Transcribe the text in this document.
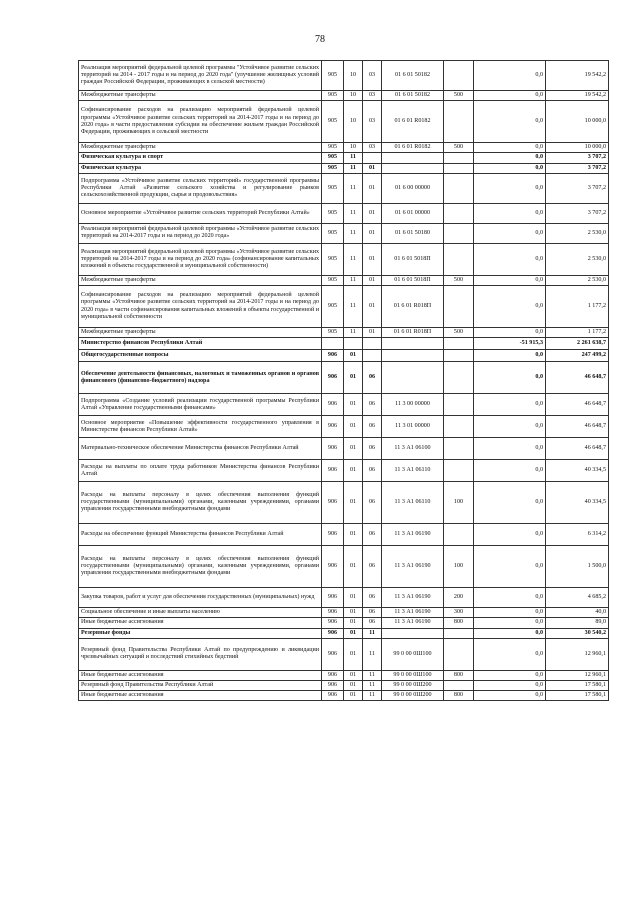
78
Реализация мероприятий федеральной целевой программы "Устойчивое развитие сельских территорий на 2014 - 2017 годы и на период до 2020 года" (улучшение жилищных условий граждан Российской Федерации, проживающих в сельской местности)	905	10	03	01 6 01 50182		0,0	19 542,2
Межбюджетные трансферты	905	10	03	01 6 01 50182	500	0,0	19 542,2
Софинансирование расходов на реализацию мероприятий федеральной целевой программы «Устойчивое развитие сельских территорий на 2014-2017 годы и на период до 2020 года» в части предоставления субсидии на обеспечение жильем граждан Российской Федерации, проживающих в сельской местности	905	10	03	01 6 01 R0182		0,0	10 000,0
Межбюджетные трансферты	905	10	03	01 6 01 R0182	500	0,0	10 000,0
Физическая культура и спорт	905	11				0,0	3 707,2
Физическая культура	905	11	01			0,0	3 707,2
Подпрограмма «Устойчивое развитие сельских территорий» государственной программы Республики Алтай «Развитие сельского хозяйства и регулирование рынков сельскохозяйственной продукции, сырья и продовольствия»	905	11	01	01 6 00 00000		0,0	3 707,2
Основное мероприятие «Устойчивое развитие сельских территорий Республики Алтай»	905	11	01	01 6 01 00000		0,0	3 707,2
Реализация мероприятий федеральной целевой программы «Устойчивое развитие сельских территорий на 2014-2017 годы и на период до 2020 года»	905	11	01	01 6 01 50180		0,0	2 530,0
Реализация мероприятий федеральной целевой программы «Устойчивое развитие сельских территорий на 2014-2017 годы и на период до 2020 года» (софинансирование капитальных вложений в объекты государственной и муниципальной собственности)	905	11	01	01 6 01 5018П		0,0	2 530,0
Межбюджетные трансферты	905	11	01	01 6 01 5018П	500	0,0	2 530,0
Софинансирование расходов на реализацию мероприятий федеральной целевой программы «Устойчивое развитие сельских территорий на 2014-2017 годы и на период до 2020 года» в части софинансирования капитальных вложений в объекты государственной и муниципальной собственности	905	11	01	01 6 01 R018П		0,0	1 177,2
Межбюджетные трансферты	905	11	01	01 6 01 R018П	500	0,0	1 177,2
Министерство финансов Республики Алтай						-51 915,3	2 261 638,7
Общегосударственные вопросы	906	01				0,0	247 499,2
Обеспечение деятельности финансовых, налоговых и таможенных органов и органов финансового (финансово-бюджетного) надзора	906	01	06			0,0	46 648,7
Подпрограмма «Создание условий реализации государственной программы Республики Алтай «Управление государственными финансами»	906	01	06	11 3 00 00000		0,0	46 648,7
Основное мероприятие «Повышение эффективности государственного управления в Министерстве финансов Республики Алтай»	906	01	06	11 3 01 00000		0,0	46 648,7
Материально-техническое обеспечение Министерства финансов Республики Алтай	906	01	06	11 3 А1 06100		0,0	46 648,7
Расходы на выплаты по оплате труда работников Министерства финансов Республики Алтай	906	01	06	11 3 А1 06110		0,0	40 334,5
Расходы на выплаты персоналу в целях обеспечения выполнения функций государственными (муниципальными) органами, казенными учреждениями, органами управления государственными внебюджетными фондами	906	01	06	11 3 А1 06110	100	0,0	40 334,5
Расходы на обеспечение функций Министерства финансов Республики Алтай	906	01	06	11 3 А1 06190		0,0	6 314,2
Расходы на выплаты персоналу в целях обеспечения выполнения функций государственными (муниципальными) органами, казенными учреждениями, органами управления государственными внебюджетными фондами	906	01	06	11 3 А1 06190	100	0,0	1 500,0
Закупка товаров, работ и услуг для обеспечения государственных (муниципальных) нужд	906	01	06	11 3 А1 06190	200	0,0	4 685,2
Социальное обеспечение и иные выплаты населению	906	01	06	11 3 А1 06190	300	0,0	40,0
Иные бюджетные ассигнования	906	01	06	11 3 А1 06190	800	0,0	89,0
Резервные фонды	906	01	11			0,0	30 540,2
Резервный фонд Правительства Республики Алтай по предупреждению и ликвидации чрезвычайных ситуаций и последствий стихийных бедствий	906	01	11	99 0 00 0Ш100		0,0	12 960,1
Иные бюджетные ассигнования	906	01	11	99 0 00 0Ш100	800	0,0	12 960,1
Резервный фонд Правительства Республики Алтай	906	01	11	99 0 00 0Ш200		0,0	17 580,1
Иные бюджетные ассигнования	906	01	11	99 0 00 0Ш200	800	0,0	17 580,1
